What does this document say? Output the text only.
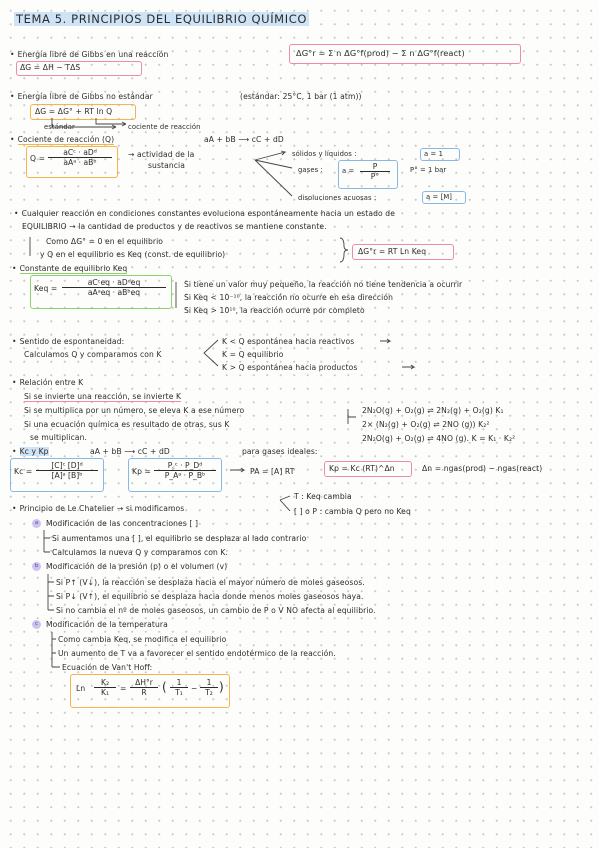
TEMA 5. PRINCIPIOS DEL EQUILIBRIO QUÍMICO
• Energía libre de Gibbs en una reacción
ΔG = ΔH − TΔS
ΔG°r = Σ n ΔG°f(prod) − Σ n ΔG°f(react)
• Energía libre de Gibbs no estándar	(estándar: 25°C, 1 bar (1 atm))
ΔG = ΔG° + RT ln Q
estándar	cociente de reacción
• Cociente de reacción (Q)	aA + bB ⟶ cC + dD
Q =
aCᶜ · aDᵈ
aAᵃ · aBᵇ
→ actividad de la
sustancia
sólidos y líquidos :	a = 1
gases :	$a = \frac{P}{P^\circ}$	P° = 1 bar
disoluciones acuosas :	a = [M]
• Cualquier reacción en condiciones constantes evoluciona espontáneamente hacia un estado de
EQUILIBRIO → la cantidad de productos y de reactivos se mantiene constante.
Como ΔG° = 0 en el equilibrio
y Q en el equilibrio es Keq (const. de equilibrio)	ΔG°r = RT Ln Keq
• Constante de equilibrio Keq
Keq =
aCᶜeq · aDᵈeq
aAᵃeq · aBᵇeq
Si tiene un valor muy pequeño, la reacción no tiene tendencia a ocurrir
Si Keq < 10⁻¹⁰, la reacción no ocurre en esa dirección
Si Keq > 10¹⁰, la reacción ocurre por completo
• Sentido de espontaneidad:
Calculamos Q y comparamos con K
K < Q espontánea hacia reactivos
K = Q equilibrio
K > Q espontánea hacia productos
• Relación entre K
Si se invierte una reacción, se invierte K
Si se multiplica por un número, se eleva K a ese número
Si una ecuación química es resultado de otras, sus K
se multiplican.
2N₂O(g) + O₂(g) ⇌ 2N₂(g) + O₂(g) K₁
2× (N₂(g) + O₂(g) ⇌ 2NO (g)) K₂²
2N₂O(g) + O₂(g) ⇌ 4NO (g). K = K₁ · K₂²
• Kc y Kp	aA + bB ⟶ cC + dD	para gases ideales:
$Kc = \frac{\text{[C]ᶜ [D]ᵈ}}{\text{[A]ᵃ [B]ᵇ}}$	$Kp = \frac{\text{P꜀ᶜ · P\_Dᵈ}}{\text{P\_Aᵃ · P\_Bᵇ}}$	PA = [A] RT	Kp = Kc (RT)^Δn	Δn = ngas(prod) − ngas(react)
• Principio de Le Chatelier → si modificamos
T : Keq cambia
[ ] o P : cambia Q pero no Keq
a	Modificación de las concentraciones [ ]
Si aumentamos una [ ], el equilibrio se desplaza al lado contrario
Calculamos la nueva Q y comparamos con K.
b	Modificación de la presión (p) o el volumen (v)
Si P↑ (V↓), la reacción se desplaza hacia el mayor número de moles gaseosos.
Si P↓ (V↑), el equilibrio se desplaza hacia donde menos moles gaseosos haya.
Si no cambia el nº de moles gaseosos, un cambio de P o V NO afecta al equilibrio.
c	Modificación de la temperatura
Como cambia Keq, se modifica el equilibrio
Un aumento de T va a favorecer el sentido endotérmico de la reacción.
Ecuación de Van't Hoff:
Ln $\frac{\text{K₂}}{\text{K₁}} = \frac{\Delta H^\circ r}{R}$ ( $\frac{1}{\text{T₁}} - \frac{1}{\text{T₂}}$ )
